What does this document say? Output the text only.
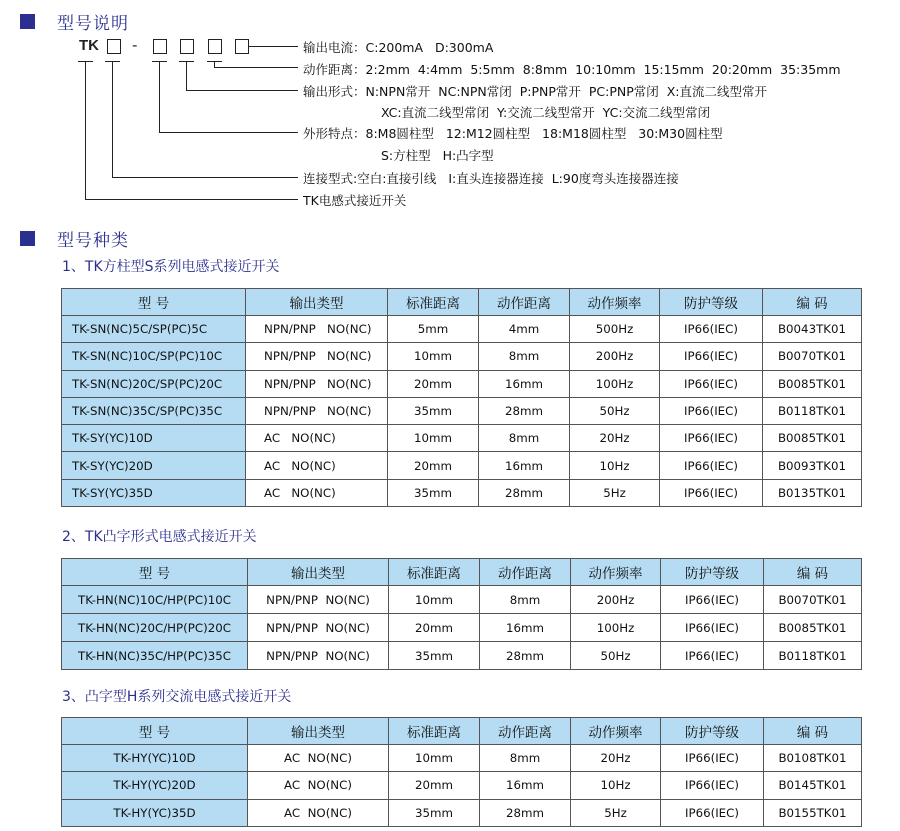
型号说明
TK -	输出电流：C:200mA   D:300mA
动作距离：2:2mm  4:4mm  5:5mm  8:8mm  10:10mm  15:15mm  20:20mm  35:35mm
输出形式：N:NPN常开  NC:NPN常闭  P:PNP常开  PC:PNP常闭  X:直流二线型常开
XC:直流二线型常闭  Y:交流二线型常开  YC:交流二线型常闭
外形特点：8:M8圆柱型   12:M12圆柱型   18:M18圆柱型   30:M30圆柱型
S:方柱型   H:凸字型
连接型式:空白:直接引线   I:直头连接器连接  L:90度弯头连接器连接
TK电感式接近开关
型号种类
1、TK方柱型S系列电感式接近开关
型 号	输出类型	标准距离	动作距离	动作频率	防护等级	编 码
TK-SN(NC)5C/SP(PC)5C	NPN/PNP   NO(NC)	5mm	4mm	500Hz	IP66(IEC)	B0043TK01
TK-SN(NC)10C/SP(PC)10C	NPN/PNP   NO(NC)	10mm	8mm	200Hz	IP66(IEC)	B0070TK01
TK-SN(NC)20C/SP(PC)20C	NPN/PNP   NO(NC)	20mm	16mm	100Hz	IP66(IEC)	B0085TK01
TK-SN(NC)35C/SP(PC)35C	NPN/PNP   NO(NC)	35mm	28mm	50Hz	IP66(IEC)	B0118TK01
TK-SY(YC)10D	AC   NO(NC)	10mm	8mm	20Hz	IP66(IEC)	B0085TK01
TK-SY(YC)20D	AC   NO(NC)	20mm	16mm	10Hz	IP66(IEC)	B0093TK01
TK-SY(YC)35D	AC   NO(NC)	35mm	28mm	5Hz	IP66(IEC)	B0135TK01
2、TK凸字形式电感式接近开关
型 号	输出类型	标准距离	动作距离	动作频率	防护等级	编 码
TK-HN(NC)10C/HP(PC)10C	NPN/PNP  NO(NC)	10mm	8mm	200Hz	IP66(IEC)	B0070TK01
TK-HN(NC)20C/HP(PC)20C	NPN/PNP  NO(NC)	20mm	16mm	100Hz	IP66(IEC)	B0085TK01
TK-HN(NC)35C/HP(PC)35C	NPN/PNP  NO(NC)	35mm	28mm	50Hz	IP66(IEC)	B0118TK01
3、凸字型H系列交流电感式接近开关
型 号	输出类型	标准距离	动作距离	动作频率	防护等级	编 码
TK-HY(YC)10D	AC  NO(NC)	10mm	8mm	20Hz	IP66(IEC)	B0108TK01
TK-HY(YC)20D	AC  NO(NC)	20mm	16mm	10Hz	IP66(IEC)	B0145TK01
TK-HY(YC)35D	AC  NO(NC)	35mm	28mm	5Hz	IP66(IEC)	B0155TK01
